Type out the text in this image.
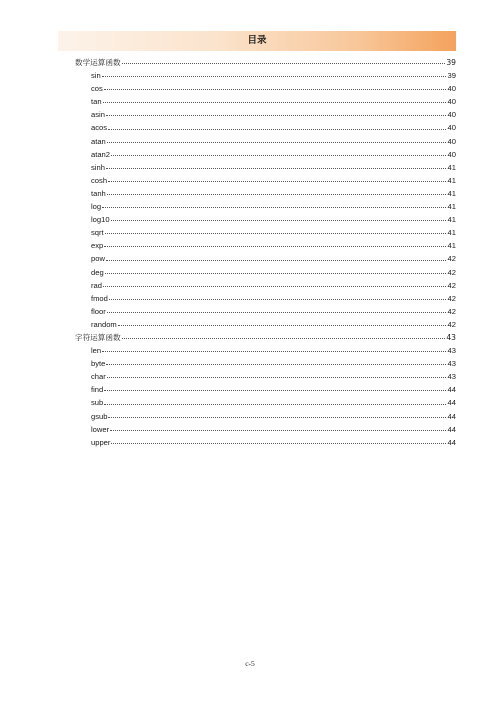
目录
数学运算函数	39
sin	39
cos	40
tan	40
asin	40
acos	40
atan	40
atan2	40
sinh	41
cosh	41
tanh	41
log	41
log10	41
sqrt	41
exp	41
pow	42
deg	42
rad	42
fmod	42
floor	42
random	42
字符运算函数	43
len	43
byte	43
char	43
find	44
sub	44
gsub	44
lower	44
upper	44
c-5
